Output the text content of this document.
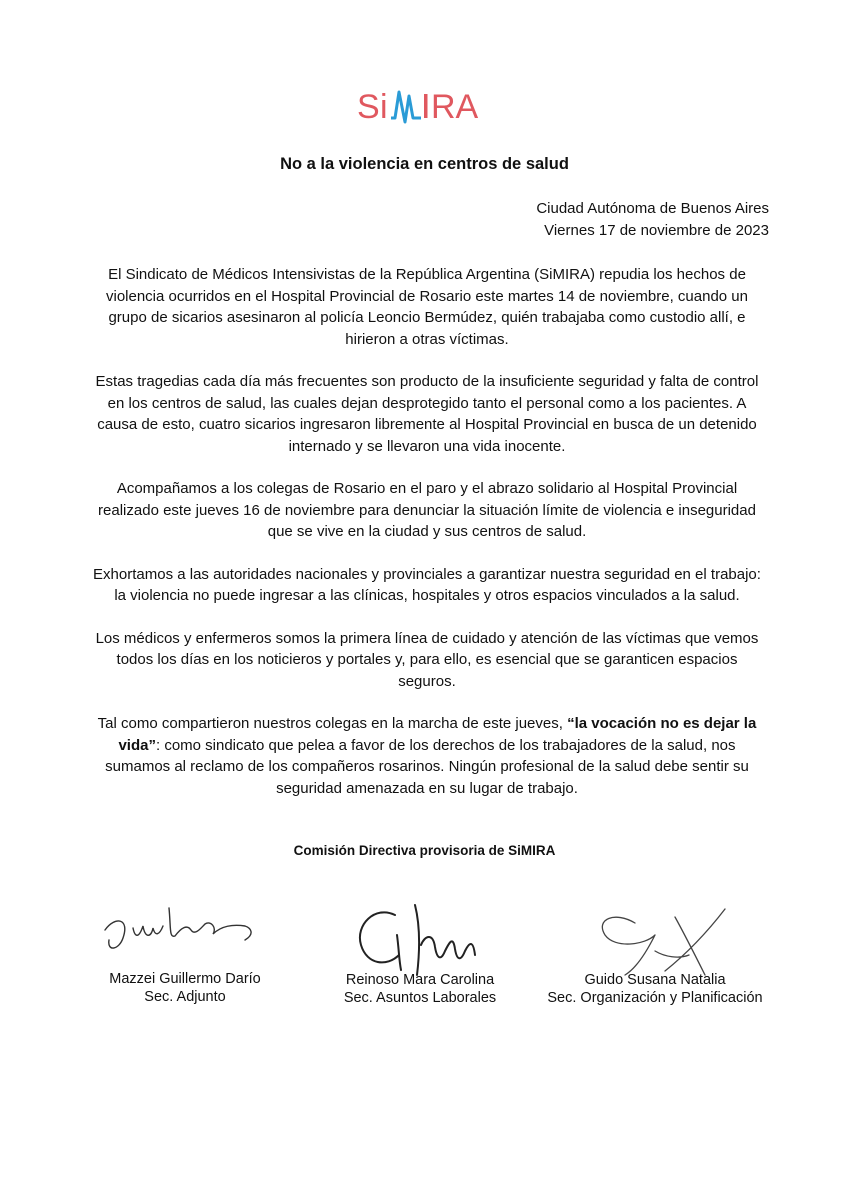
S i RA
No a la violencia en centros de salud
Ciudad Autónoma de Buenos Aires
Viernes 17 de noviembre de 2023

El Sindicato de Médicos Intensivistas de la República Argentina (SiMIRA) repudia los hechos de violencia ocurridos en el Hospital Provincial de Rosario este martes 14 de noviembre, cuando un grupo de sicarios asesinaron al policía Leoncio Bermúdez, quién trabajaba como custodio allí, e hirieron a otras víctimas.

Estas tragedias cada día más frecuentes son producto de la insuficiente seguridad y falta de control en los centros de salud, las cuales dejan desprotegido tanto el personal como a los pacientes. A causa de esto, cuatro sicarios ingresaron libremente al Hospital Provincial en busca de un detenido internado y se llevaron una vida inocente.

Acompañamos a los colegas de Rosario en el paro y el abrazo solidario al Hospital Provincial realizado este jueves 16 de noviembre para denunciar la situación límite de violencia e inseguridad que se vive en la ciudad y sus centros de salud.

Exhortamos a las autoridades nacionales y provinciales a garantizar nuestra seguridad en el trabajo: la violencia no puede ingresar a las clínicas, hospitales y otros espacios vinculados a la salud.

Los médicos y enfermeros somos la primera línea de cuidado y atención de las víctimas que vemos todos los días en los noticieros y portales y, para ello, es esencial que se garanticen espacios seguros.

Tal como compartieron nuestros colegas en la marcha de este jueves, “la vocación no es dejar la vida”: como sindicato que pelea a favor de los derechos de los trabajadores de la salud, nos sumamos al reclamo de los compañeros rosarinos. Ningún profesional de la salud debe sentir su seguridad amenazada en su lugar de trabajo.

Comisión Directiva provisoria de SiMIRA
Mazzei Guillermo Darío
Sec. Adjunto
Reinoso Mara Carolina
Sec. Asuntos Laborales
Guido Susana Natalia
Sec. Organización y Planificación
